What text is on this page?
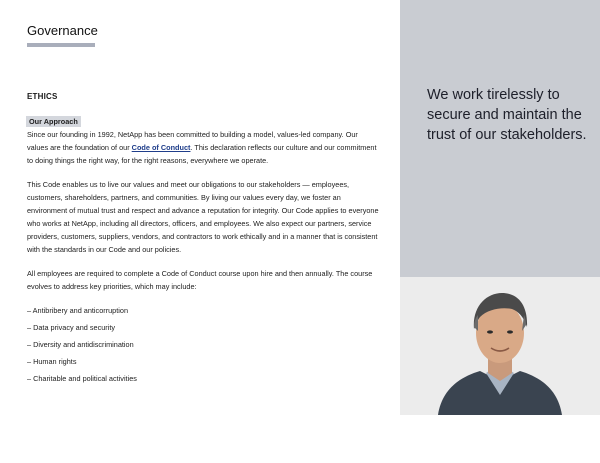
Governance
ETHICS
Our Approach

Since our founding in 1992, NetApp has been committed to building a model, values-led company. Our values are the foundation of our Code of Conduct. This declaration reflects our culture and our commitment to doing things the right way, for the right reasons, everywhere we operate.

This Code enables us to live our values and meet our obligations to our stakeholders — employees, customers, shareholders, partners, and communities. By living our values every day, we foster an environment of mutual trust and respect and advance a reputation for integrity. Our Code applies to everyone who works at NetApp, including all directors, officers, and employees. We also expect our partners, service providers, customers, suppliers, vendors, and contractors to work ethically and in a manner that is consistent with the standards in our Code and our policies.

All employees are required to complete a Code of Conduct course upon hire and then annually. The course evolves to address key priorities, which may include:

– Antibribery and anticorruption
– Data privacy and security
– Diversity and antidiscrimination
– Human rights
– Charitable and political activities
We work tirelessly to secure and maintain the trust of our stakeholders.
